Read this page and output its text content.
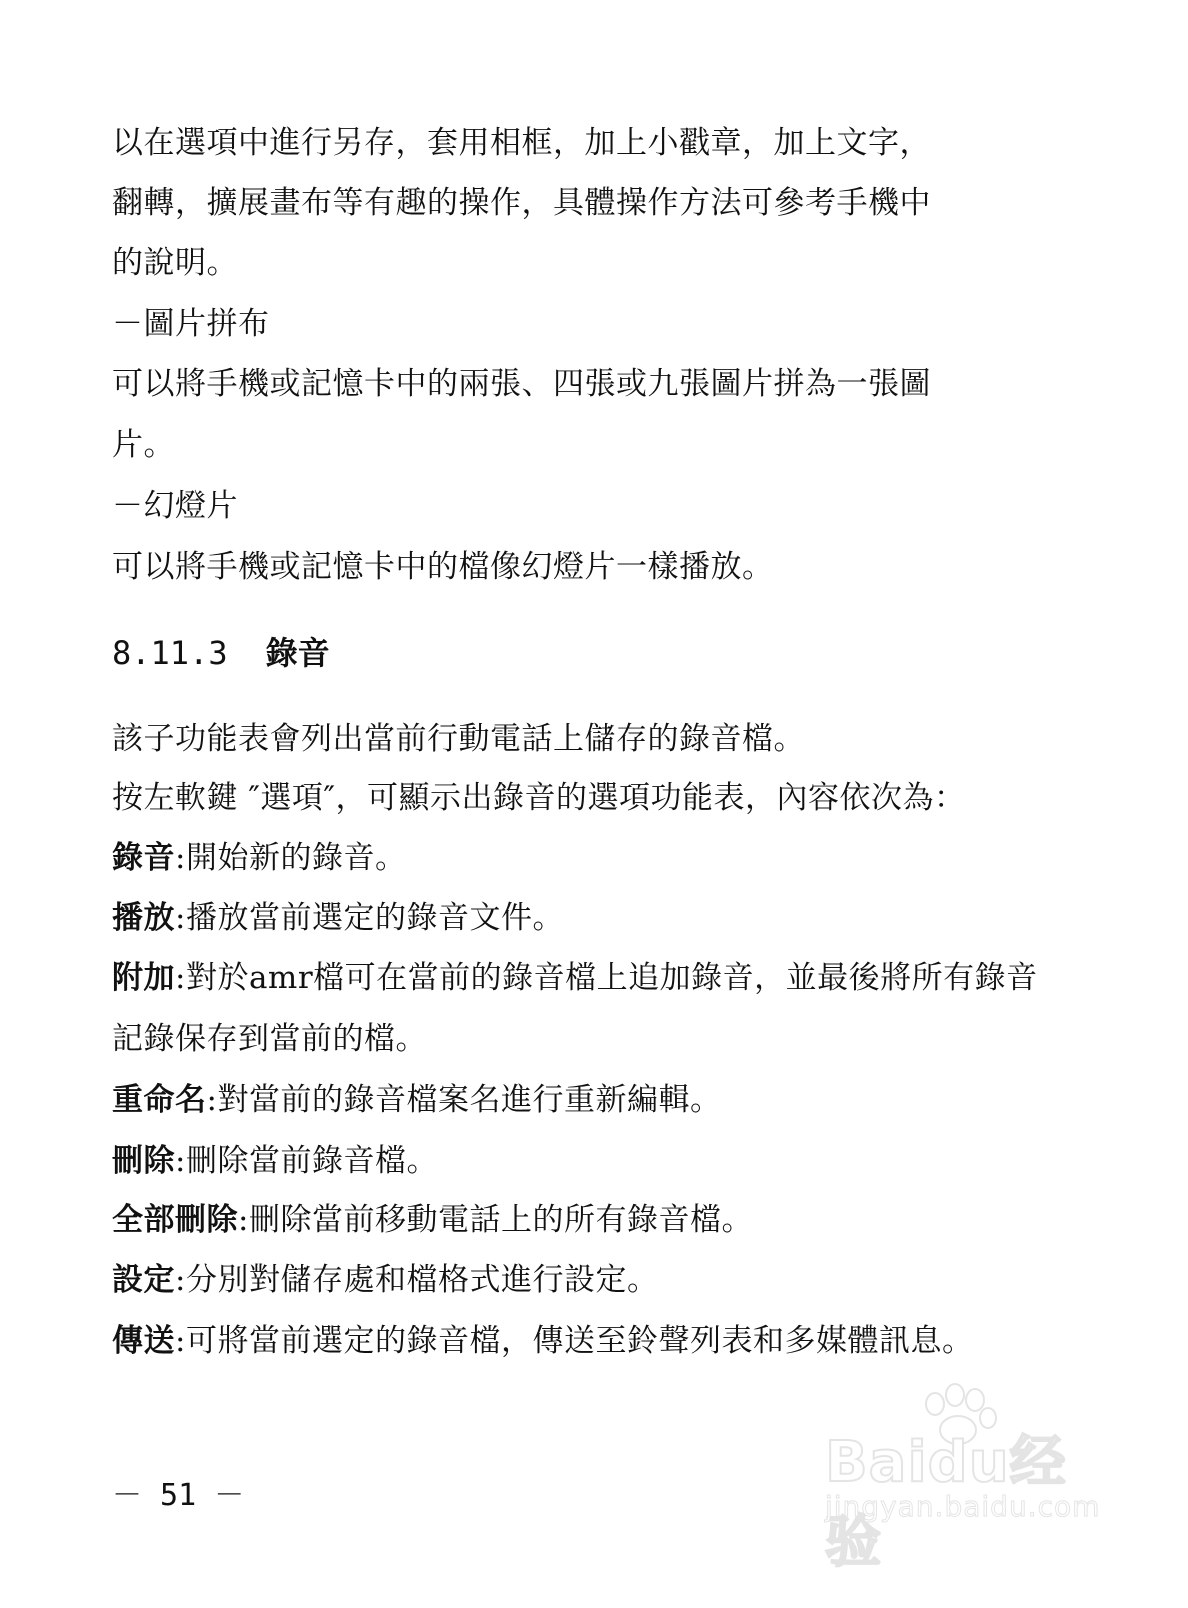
以在選項中進行另存，套用相框，加上小戳章，加上文字，
翻轉，擴展畫布等有趣的操作，具體操作方法可參考手機中
的說明。
－圖片拼布
可以將手機或記憶卡中的兩張、四張或九張圖片拼為一張圖
片。
－幻燈片
可以將手機或記憶卡中的檔像幻燈片一樣播放。
8.11.3 錄音
該子功能表會列出當前行動電話上儲存的錄音檔。
按左軟鍵 ″選項″，可顯示出錄音的選項功能表，內容依次為：
錄音:開始新的錄音。
播放:播放當前選定的錄音文件。
附加:對於amr檔可在當前的錄音檔上追加錄音，並最後將所有錄音
記錄保存到當前的檔。
重命名:對當前的錄音檔案名進行重新編輯。
刪除:刪除當前錄音檔。
全部刪除:刪除當前移動電話上的所有錄音檔。
設定:分別對儲存處和檔格式進行設定。
傳送:可將當前選定的錄音檔，傳送至鈴聲列表和多媒體訊息。
－ 51 －
Baidu经验
jingyan.baidu.com
